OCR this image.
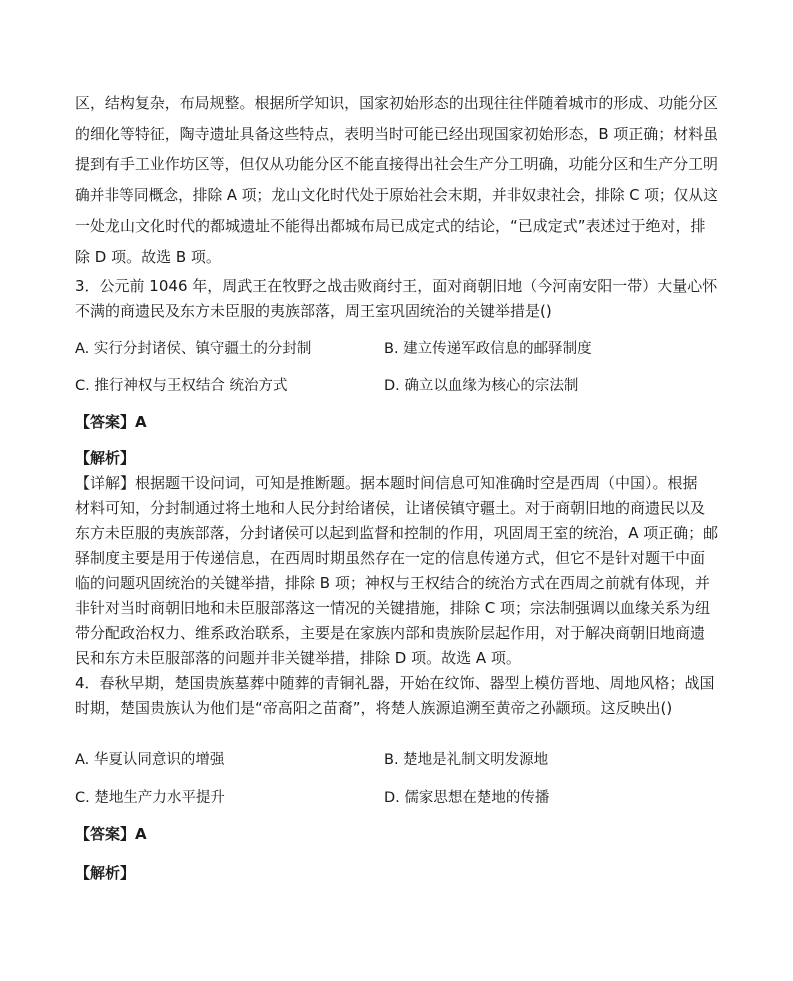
区，结构复杂，布局规整。根据所学知识，国家初始形态的出现往往伴随着城市的形成、功能分区
的细化等特征，陶寺遗址具备这些特点，表明当时可能已经出现国家初始形态，B 项正确；材料虽
提到有手工业作坊区等，但仅从功能分区不能直接得出社会生产分工明确，功能分区和生产分工明
确并非等同概念，排除 A 项；龙山文化时代处于原始社会末期，并非奴隶社会，排除 C 项；仅从这
一处龙山文化时代的都城遗址不能得出都城布局已成定式的结论，“已成定式”表述过于绝对，排
除 D 项。故选 B 项。
3．公元前 1046 年，周武王在牧野之战击败商纣王，面对商朝旧地（今河南安阳一带）大量心怀
不满的商遗民及东方未臣服的夷族部落，周王室巩固统治的关键举措是()
A. 实行分封诸侯、镇守疆土的分封制	B. 建立传递军政信息的邮驿制度
C. 推行神权与王权结合 统治方式	D. 确立以血缘为核心的宗法制
【答案】A
【解析】
【详解】根据题干设问词，可知是推断题。据本题时间信息可知准确时空是西周（中国）。根据
材料可知，分封制通过将土地和人民分封给诸侯，让诸侯镇守疆土。对于商朝旧地的商遗民以及
东方未臣服的夷族部落，分封诸侯可以起到监督和控制的作用，巩固周王室的统治，A 项正确；邮
驿制度主要是用于传递信息，在西周时期虽然存在一定的信息传递方式，但它不是针对题干中面
临的问题巩固统治的关键举措，排除 B 项；神权与王权结合的统治方式在西周之前就有体现，并
非针对当时商朝旧地和未臣服部落这一情况的关键措施，排除 C 项；宗法制强调以血缘关系为纽
带分配政治权力、维系政治联系，主要是在家族内部和贵族阶层起作用，对于解决商朝旧地商遗
民和东方未臣服部落的问题并非关键举措，排除 D 项。故选 A 项。
4．春秋早期，楚国贵族墓葬中随葬的青铜礼器，开始在纹饰、器型上模仿晋地、周地风格；战国
时期，楚国贵族认为他们是“帝高阳之苗裔”，将楚人族源追溯至黄帝之孙颛顼。这反映出()
A. 华夏认同意识的增强	B. 楚地是礼制文明发源地
C. 楚地生产力水平提升	D. 儒家思想在楚地的传播
【答案】A
【解析】
